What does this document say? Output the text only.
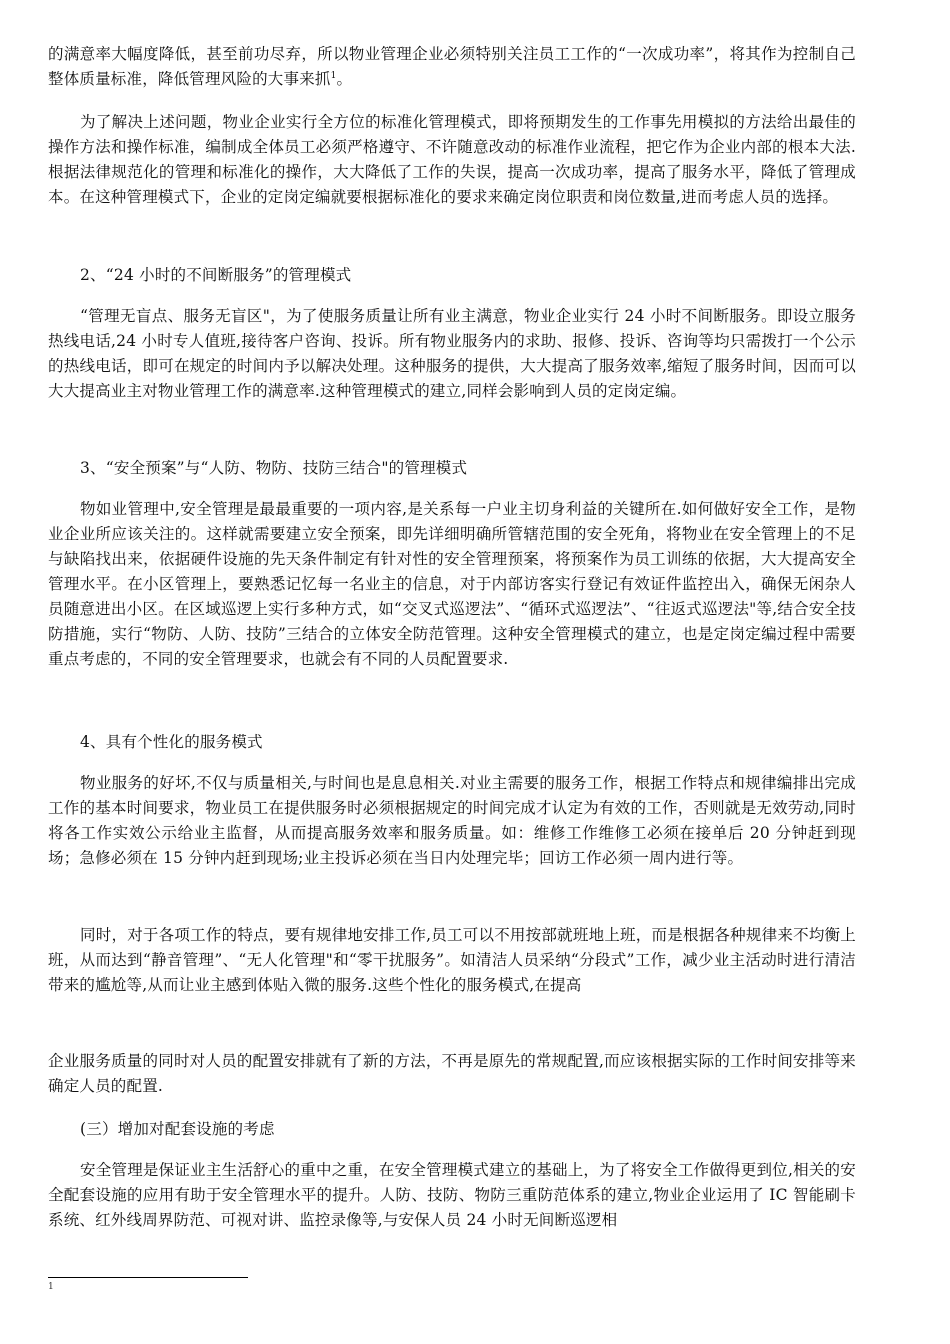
的满意率大幅度降低，甚至前功尽弃，所以物业管理企业必须特别关注员工工作的“一次成功率”，将其作为控制自己整体质量标准，降低管理风险的大事来抓$^1$。

为了解决上述问题，物业企业实行全方位的标准化管理模式，即将预期发生的工作事先用模拟的方法给出最佳的操作方法和操作标准，编制成全体员工必须严格遵守、不许随意改动的标准作业流程，把它作为企业内部的根本大法.根据法律规范化的管理和标准化的操作，大大降低了工作的失误，提高一次成功率，提高了服务水平，降低了管理成本。在这种管理模式下，企业的定岗定编就要根据标准化的要求来确定岗位职责和岗位数量,进而考虑人员的选择。

2、“24 小时的不间断服务”的管理模式

“管理无盲点、服务无盲区"，为了使服务质量让所有业主满意，物业企业实行 24 小时不间断服务。即设立服务热线电话,24 小时专人值班,接待客户咨询、投诉。所有物业服务内的求助、报修、投诉、咨询等均只需拨打一个公示的热线电话，即可在规定的时间内予以解决处理。这种服务的提供，大大提高了服务效率,缩短了服务时间，因而可以大大提高业主对物业管理工作的满意率.这种管理模式的建立,同样会影响到人员的定岗定编。

3、“安全预案”与“人防、物防、技防三结合"的管理模式

物如业管理中,安全管理是最最重要的一项内容,是关系每一户业主切身利益的关键所在.如何做好安全工作，是物业企业所应该关注的。这样就需要建立安全预案，即先详细明确所管辖范围的安全死角，将物业在安全管理上的不足与缺陷找出来，依据硬件设施的先天条件制定有针对性的安全管理预案，将预案作为员工训练的依据，大大提高安全管理水平。在小区管理上，要熟悉记忆每一名业主的信息，对于内部访客实行登记有效证件监控出入，确保无闲杂人员随意进出小区。在区域巡逻上实行多种方式，如“交叉式巡逻法”、“循环式巡逻法”、“往返式巡逻法"等,结合安全技防措施，实行“物防、人防、技防”三结合的立体安全防范管理。这种安全管理模式的建立，也是定岗定编过程中需要重点考虑的，不同的安全管理要求，也就会有不同的人员配置要求.

4、具有个性化的服务模式

物业服务的好坏,不仅与质量相关,与时间也是息息相关.对业主需要的服务工作，根据工作特点和规律编排出完成工作的基本时间要求，物业员工在提供服务时必须根据规定的时间完成才认定为有效的工作，否则就是无效劳动,同时将各工作实效公示给业主监督，从而提高服务效率和服务质量。如：维修工作维修工必须在接单后 20 分钟赶到现场；急修必须在 15 分钟内赶到现场;业主投诉必须在当日内处理完毕；回访工作必须一周内进行等。

同时，对于各项工作的特点，要有规律地安排工作,员工可以不用按部就班地上班，而是根据各种规律来不均衡上班，从而达到“静音管理”、“无人化管理"和“零干扰服务”。如清洁人员采纳“分段式”工作，减少业主活动时进行清洁带来的尴尬等,从而让业主感到体贴入微的服务.这些个性化的服务模式,在提高

企业服务质量的同时对人员的配置安排就有了新的方法，不再是原先的常规配置,而应该根据实际的工作时间安排等来确定人员的配置.

(三）增加对配套设施的考虑

安全管理是保证业主生活舒心的重中之重，在安全管理模式建立的基础上，为了将安全工作做得更到位,相关的安全配套设施的应用有助于安全管理水平的提升。人防、技防、物防三重防范体系的建立,物业企业运用了 IC 智能刷卡系统、红外线周界防范、可视对讲、监控录像等,与安保人员 24 小时无间断巡逻相

1
